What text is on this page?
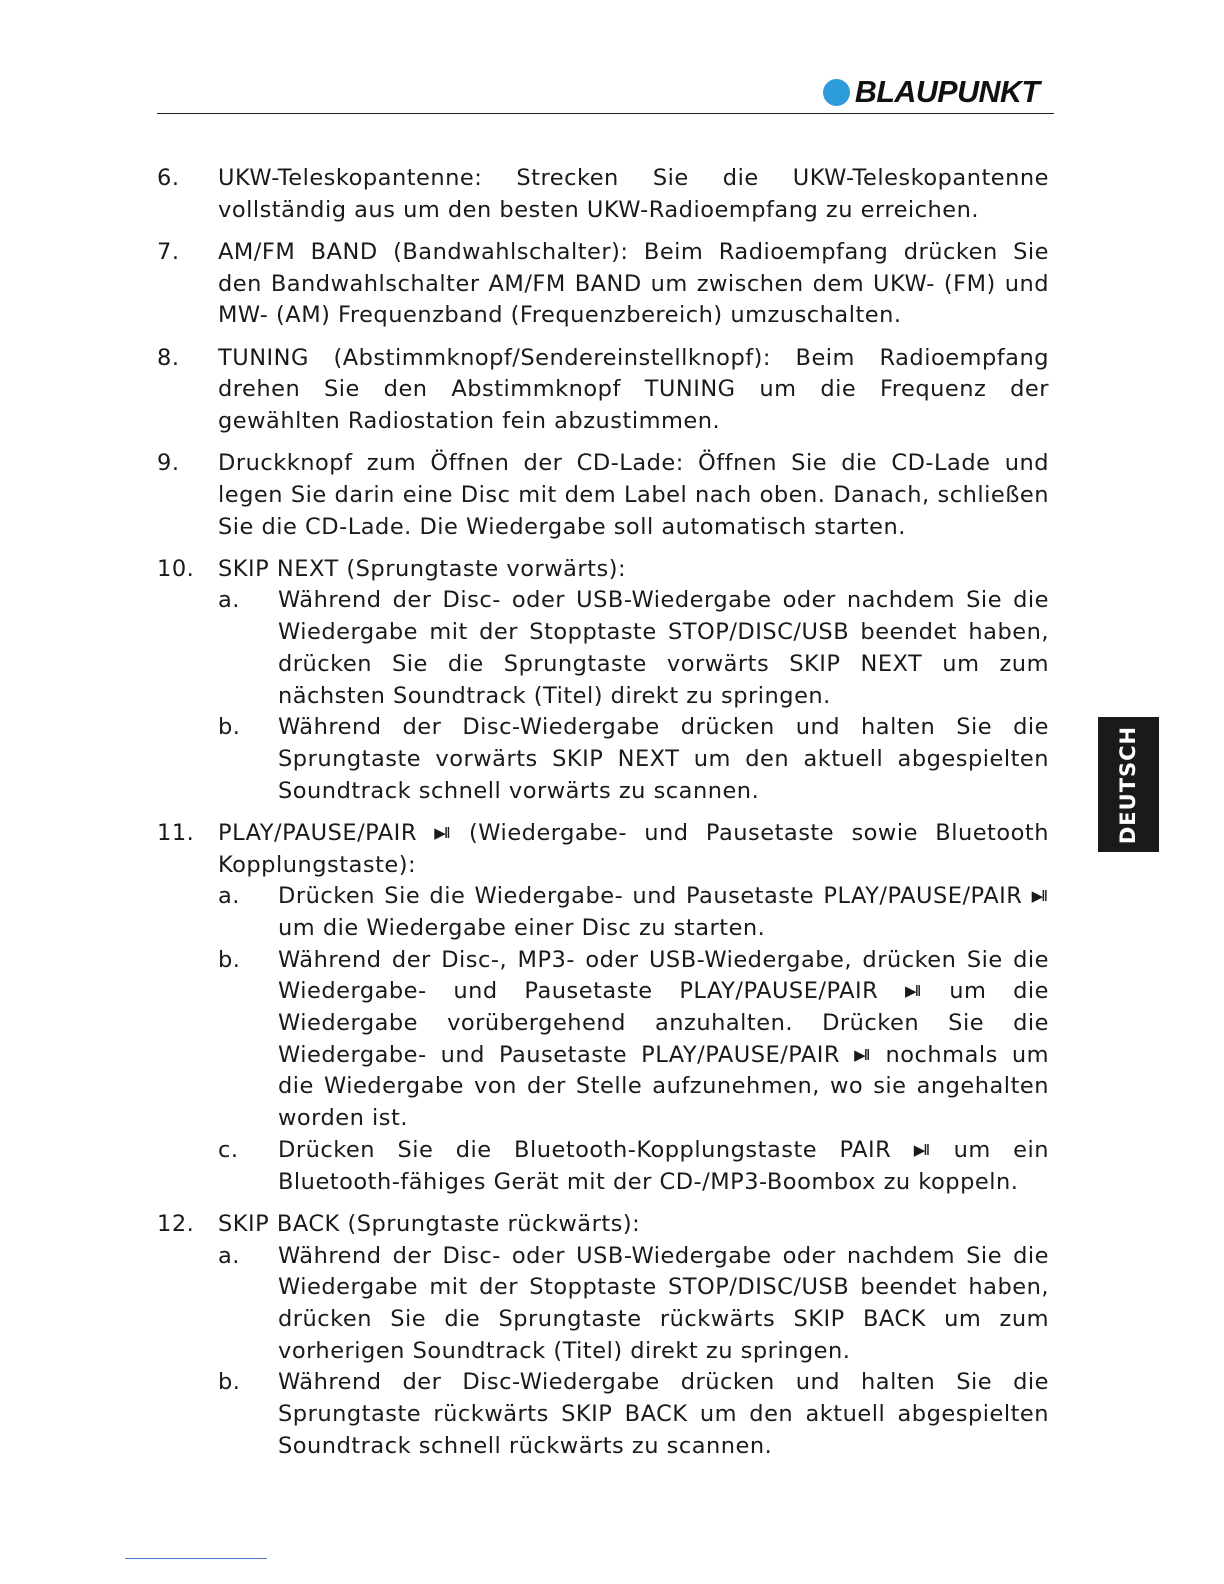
BLAUPUNKT
6. UKW-Teleskopantenne: Strecken Sie die UKW-Teleskopantenne vollständig aus um den besten UKW-Radioempfang zu erreichen.
7. AM/FM BAND (Bandwahlschalter): Beim Radioempfang drücken Sie den Bandwahlschalter AM/FM BAND um zwischen dem UKW- (FM) und MW- (AM) Frequenzband (Frequenzbereich) umzuschalten.
8. TUNING (Abstimmknopf/Sendereinstellknopf): Beim Radioempfang drehen Sie den Abstimmknopf TUNING um die Frequenz der gewählten Radiostation fein abzustimmen.
9. Druckknopf zum Öffnen der CD-Lade: Öffnen Sie die CD-Lade und legen Sie darin eine Disc mit dem Label nach oben. Danach, schließen Sie die CD-Lade. Die Wiedergabe soll automatisch starten.
10. SKIP NEXT (Sprungtaste vorwärts):
a. Während der Disc- oder USB-Wiedergabe oder nachdem Sie die Wiedergabe mit der Stopptaste STOP/DISC/USB beendet haben, drücken Sie die Sprungtaste vorwärts SKIP NEXT um zum nächsten Soundtrack (Titel) direkt zu springen.
b. Während der Disc-Wiedergabe drücken und halten Sie die Sprungtaste vorwärts SKIP NEXT um den aktuell abgespielten Soundtrack schnell vorwärts zu scannen.
11. PLAY/PAUSE/PAIR ▶II (Wiedergabe- und Pausetaste sowie Bluetooth Kopplungstaste):
a. Drücken Sie die Wiedergabe- und Pausetaste PLAY/PAUSE/PAIR ▶II um die Wiedergabe einer Disc zu starten.
b. Während der Disc-, MP3- oder USB-Wiedergabe, drücken Sie die Wiedergabe- und Pausetaste PLAY/PAUSE/PAIR ▶II um die Wiedergabe vorübergehend anzuhalten. Drücken Sie die Wiedergabe- und Pausetaste PLAY/PAUSE/PAIR ▶II nochmals um die Wiedergabe von der Stelle aufzunehmen, wo sie angehalten worden ist.
c. Drücken Sie die Bluetooth-Kopplungstaste PAIR ▶II um ein Bluetooth-fähiges Gerät mit der CD-/MP3-Boombox zu koppeln.
12. SKIP BACK (Sprungtaste rückwärts):
a. Während der Disc- oder USB-Wiedergabe oder nachdem Sie die Wiedergabe mit der Stopptaste STOP/DISC/USB beendet haben, drücken Sie die Sprungtaste rückwärts SKIP BACK um zum vorherigen Soundtrack (Titel) direkt zu springen.
b. Während der Disc-Wiedergabe drücken und halten Sie die Sprungtaste rückwärts SKIP BACK um den aktuell abgespielten Soundtrack schnell rückwärts zu scannen.
DEUTSCH
